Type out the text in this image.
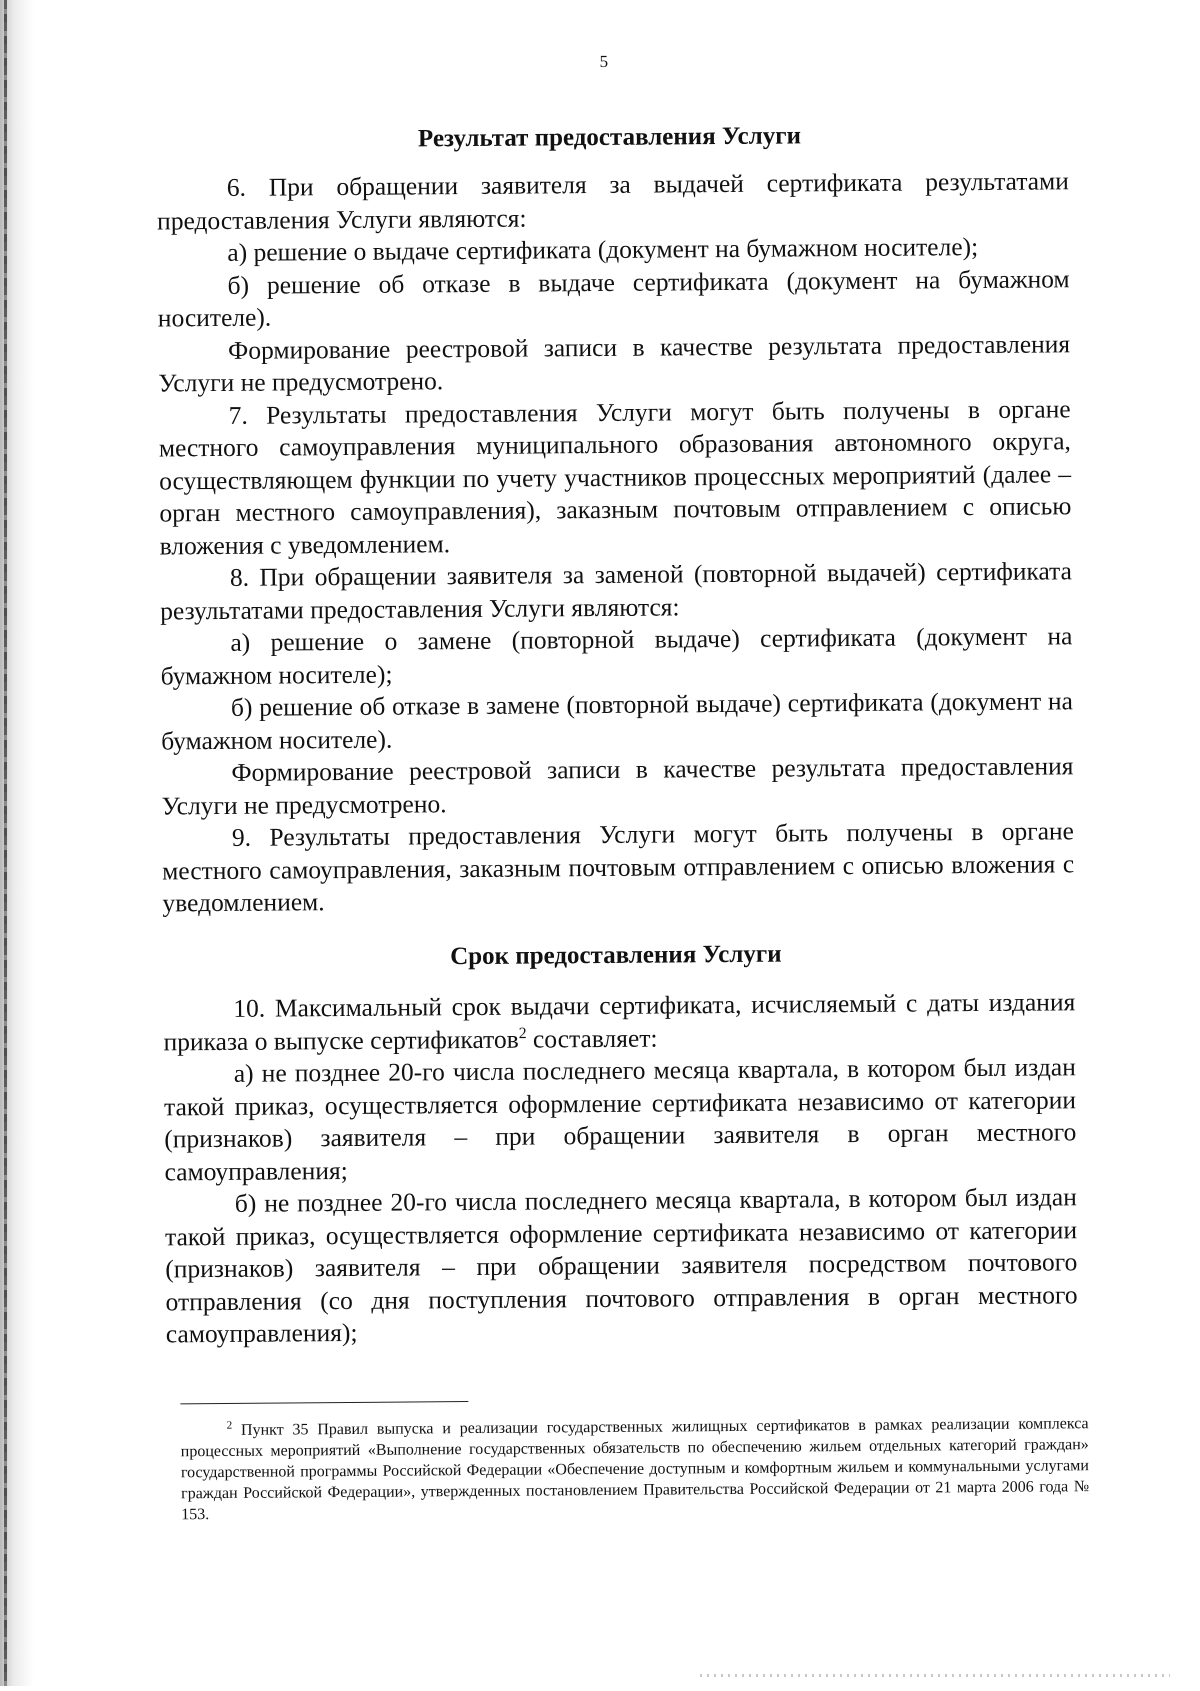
5
Результат предоставления Услуги

6. При обращении заявителя за выдачей сертификата результатами предоставления Услуги являются:

а) решение о выдаче сертификата (документ на бумажном носителе);

б) решение об отказе в выдаче сертификата (документ на бумажном носителе).

Формирование реестровой записи в качестве результата предоставления Услуги не предусмотрено.

7. Результаты предоставления Услуги могут быть получены в органе местного самоуправления муниципального образования автономного округа, осуществляющем функции по учету участников процессных мероприятий (далее – орган местного самоуправления), заказным почтовым отправлением с описью вложения с уведомлением.

8. При обращении заявителя за заменой (повторной выдачей) сертификата результатами предоставления Услуги являются:

а) решение о замене (повторной выдаче) сертификата (документ на бумажном носителе);

б) решение об отказе в замене (повторной выдаче) сертификата (документ на бумажном носителе).

Формирование реестровой записи в качестве результата предоставления Услуги не предусмотрено.

9. Результаты предоставления Услуги могут быть получены в органе местного самоуправления, заказным почтовым отправлением с описью вложения с уведомлением.

Срок предоставления Услуги

10. Максимальный срок выдачи сертификата, исчисляемый с даты издания приказа о выпуске сертификатов$^2$ составляет:

а) не позднее 20-го числа последнего месяца квартала, в котором был издан такой приказ, осуществляется оформление сертификата независимо от категории (признаков) заявителя – при обращении заявителя в орган местного самоуправления;

б) не позднее 20-го числа последнего месяца квартала, в котором был издан такой приказ, осуществляется оформление сертификата независимо от категории (признаков) заявителя – при обращении заявителя посредством почтового отправления (со дня поступления почтового отправления в орган местного самоуправления);

$^2$ Пункт 35 Правил выпуска и реализации государственных жилищных сертификатов в рамках реализации комплекса процессных мероприятий «Выполнение государственных обязательств по обеспечению жильем отдельных категорий граждан» государственной программы Российской Федерации «Обеспечение доступным и комфортным жильем и коммунальными услугами граждан Российской Федерации», утвержденных постановлением Правительства Российской Федерации от 21 марта 2006 года № 153.
